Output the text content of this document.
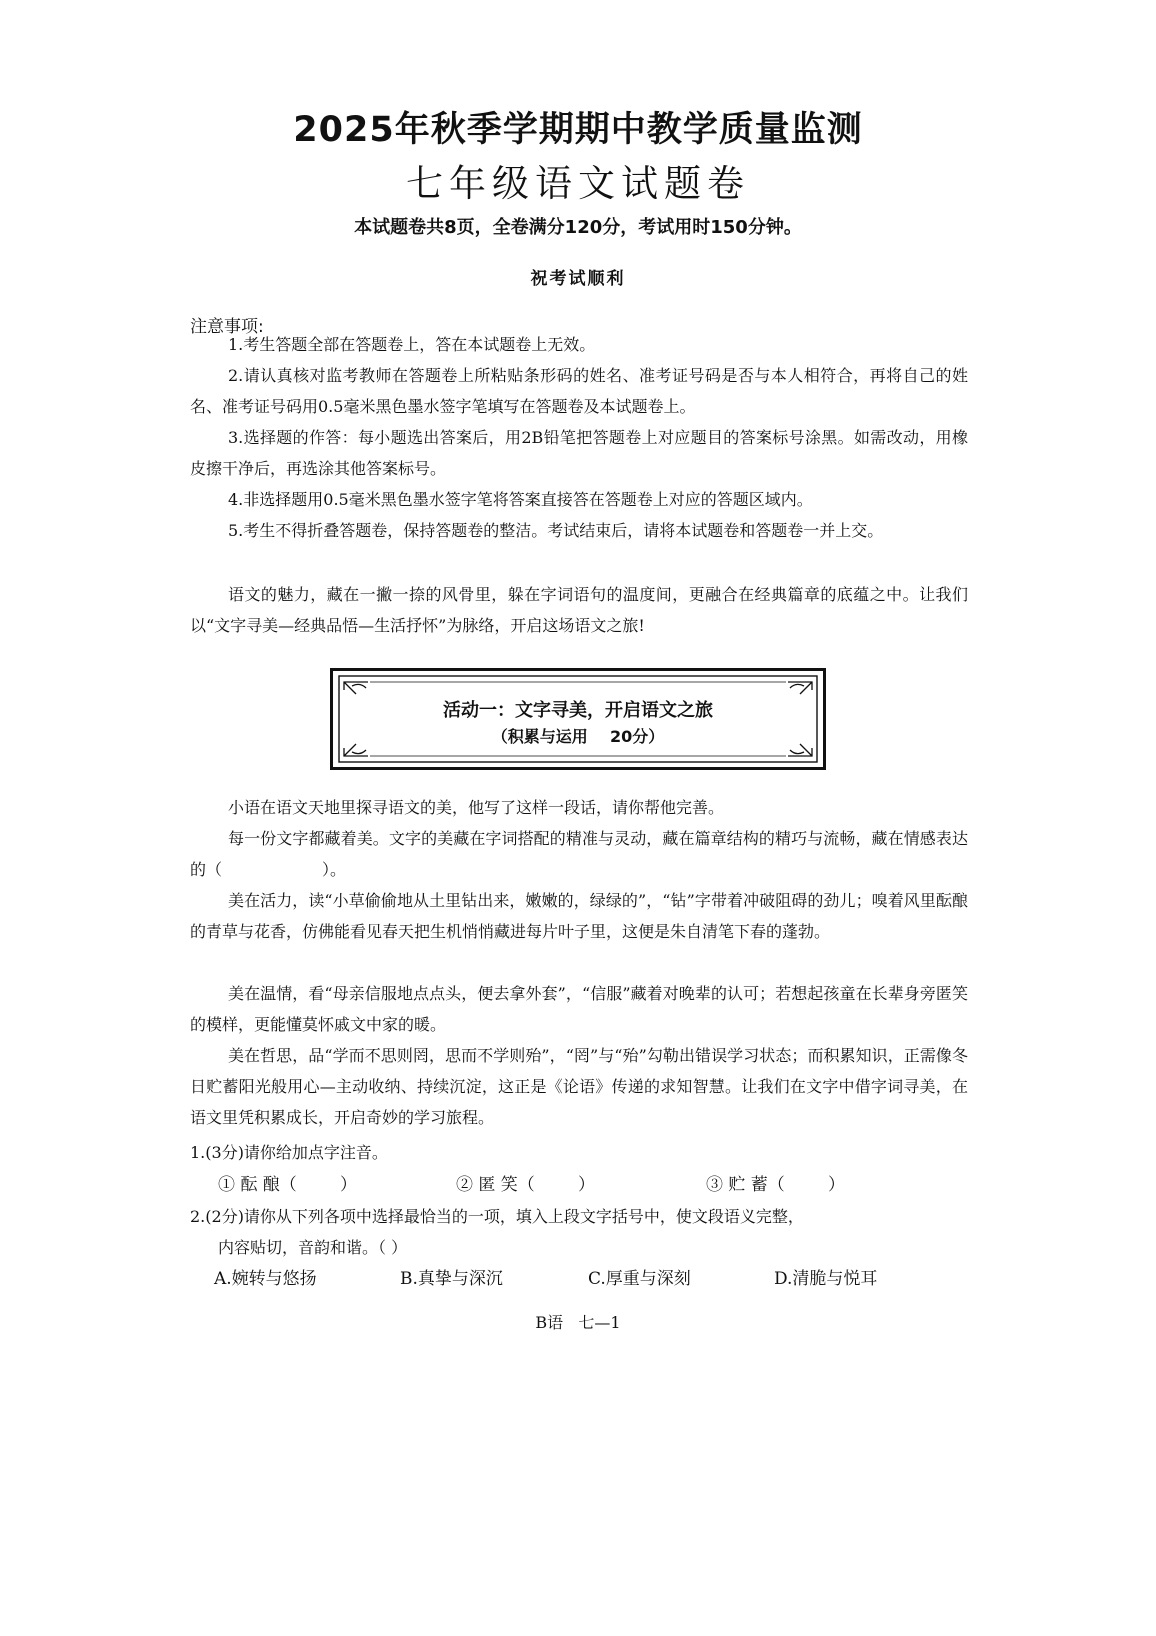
2025年秋季学期期中教学质量监测
七年级语文试题卷
本试题卷共8页，全卷满分120分，考试用时150分钟。
祝考试顺利
注意事项:
1.考生答题全部在答题卷上，答在本试题卷上无效。
2.请认真核对监考教师在答题卷上所粘贴条形码的姓名、准考证号码是否与本人相符合，再将自己的姓名、准考证号码用0.5毫米黑色墨水签字笔填写在答题卷及本试题卷上。
3.选择题的作答：每小题选出答案后，用2B铅笔把答题卷上对应题目的答案标号涂黑。如需改动，用橡皮擦干净后，再选涂其他答案标号。
4.非选择题用0.5毫米黑色墨水签字笔将答案直接答在答题卷上对应的答题区域内。
5.考生不得折叠答题卷，保持答题卷的整洁。考试结束后，请将本试题卷和答题卷一并上交。
语文的魅力，藏在一撇一捺的风骨里，躲在字词语句的温度间，更融合在经典篇章的底蕴之中。让我们以“文字寻美—经典品悟—生活抒怀”为脉络，开启这场语文之旅!
活动一：文字寻美，开启语文之旅
（积累与运用    20分）
小语在语文天地里探寻语文的美，他写了这样一段话，请你帮他完善。
每一份文字都藏着美。文字的美藏在字词搭配的精准与灵动，藏在篇章结构的精巧与流畅，藏在情感表达的（	）。
美在活力，读“小草偷偷地从土里钻出来，嫩嫩的，绿绿的”，“钻”字带着冲破阻碍的劲儿；嗅着风里酝酿的青草与花香，仿佛能看见春天把生机悄悄藏进每片叶子里，这便是朱自清笔下春的蓬勃。
美在温情，看“母亲信服地点点头，便去拿外套”，“信服”藏着对晚辈的认可；若想起孩童在长辈身旁匿笑的模样，更能懂莫怀戚文中家的暖。
美在哲思，品“学而不思则罔，思而不学则殆”，“罔”与“殆”勾勒出错误学习状态；而积累知识，正需像冬日贮蓄阳光般用心—主动收纳、持续沉淀，这正是《论语》传递的求知智慧。让我们在文字中借字词寻美，在语文里凭积累成长，开启奇妙的学习旅程。
1.(3分)请你给加点字注音。
① 酝 酿（        ）	② 匿 笑（        ）	③ 贮 蓄（        ）
2.(2分)请你从下列各项中选择最恰当的一项，填入上段文字括号中，使文段语义完整，
内容贴切，音韵和谐。（ ）
A.婉转与悠扬	B.真挚与深沉	C.厚重与深刻	D.清脆与悦耳
B语   七—1
